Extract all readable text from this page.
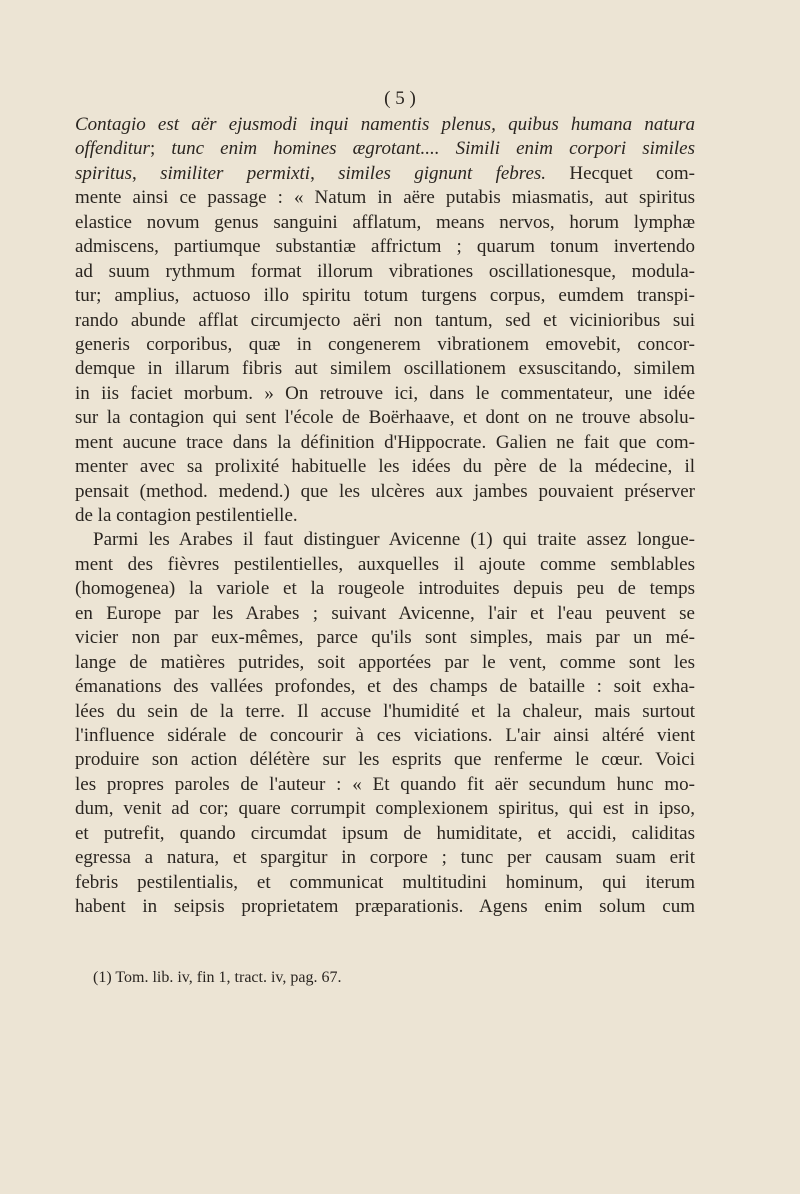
( 5 )
Contagio est aër ejusmodi inqui namentis plenus, quibus humana natura
offenditur; tunc enim homines ægrotant.... Simili enim corpori similes
spiritus, similiter permixti, similes gignunt febres. Hecquet com-
mente ainsi ce passage : « Natum in aëre putabis miasmatis, aut spiritus
elastice novum genus sanguini afflatum, means nervos, horum lymphæ
admiscens, partiumque substantiæ affrictum ; quarum tonum invertendo
ad suum rythmum format illorum vibrationes oscillationesque, modula-
tur; amplius, actuoso illo spiritu totum turgens corpus, eumdem transpi-
rando abunde afflat circumjecto aëri non tantum, sed et vicinioribus sui
generis corporibus, quæ in congenerem vibrationem emovebit, concor-
demque in illarum fibris aut similem oscillationem exsuscitando, similem
in iis faciet morbum. » On retrouve ici, dans le commentateur, une idée
sur la contagion qui sent l'école de Boërhaave, et dont on ne trouve absolu-
ment aucune trace dans la définition d'Hippocrate. Galien ne fait que com-
menter avec sa prolixité habituelle les idées du père de la médecine, il
pensait (method. medend.) que les ulcères aux jambes pouvaient préserver
de la contagion pestilentielle.
Parmi les Arabes il faut distinguer Avicenne (1) qui traite assez longue-
ment des fièvres pestilentielles, auxquelles il ajoute comme semblables
(homogenea) la variole et la rougeole introduites depuis peu de temps
en Europe par les Arabes ; suivant Avicenne, l'air et l'eau peuvent se
vicier non par eux-mêmes, parce qu'ils sont simples, mais par un mé-
lange de matières putrides, soit apportées par le vent, comme sont les
émanations des vallées profondes, et des champs de bataille : soit exha-
lées du sein de la terre. Il accuse l'humidité et la chaleur, mais surtout
l'influence sidérale de concourir à ces viciations. L'air ainsi altéré vient
produire son action délétère sur les esprits que renferme le cœur. Voici
les propres paroles de l'auteur : « Et quando fit aër secundum hunc mo-
dum, venit ad cor; quare corrumpit complexionem spiritus, qui est in ipso,
et putrefit, quando circumdat ipsum de humiditate, et accidi, caliditas
egressa a natura, et spargitur in corpore ; tunc per causam suam erit
febris pestilentialis, et communicat multitudini hominum, qui iterum
habent in seipsis proprietatem præparationis. Agens enim solum cum
(1) Tom. lib. iv, fin 1, tract. iv, pag. 67.
